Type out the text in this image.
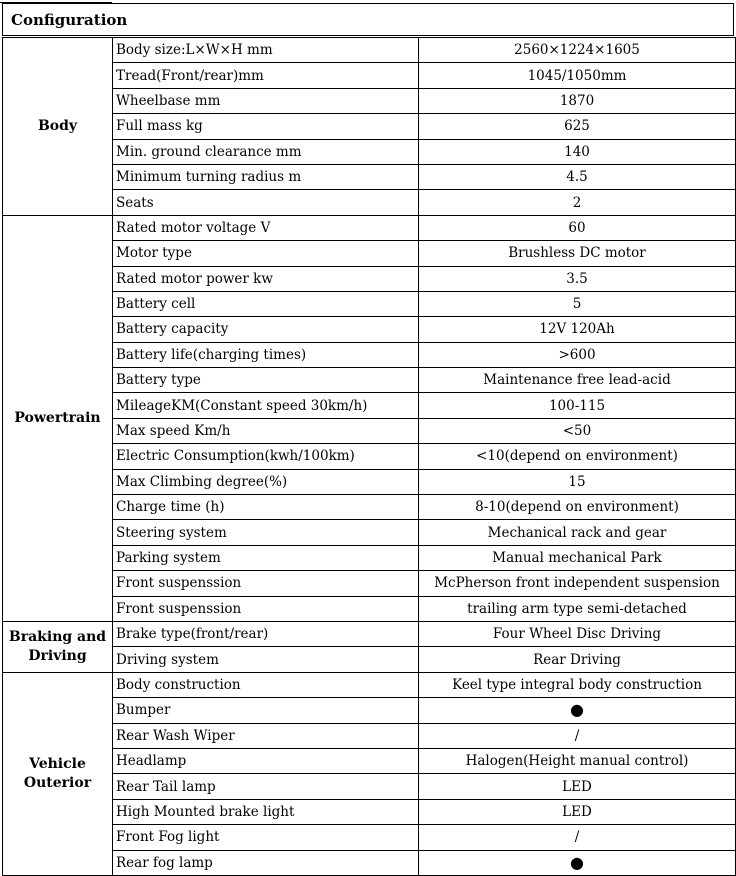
Configuration
Body	Body size:L×W×H mm	2560×1224×1605
	Tread(Front/rear)mm	1045/1050mm
	Wheelbase mm	1870
	Full mass kg	625
	Min. ground clearance mm	140
	Minimum turning radius m	4.5
	Seats	2
Powertrain	Rated motor voltage V	60
	Motor type	Brushless DC motor
	Rated motor power kw	3.5
	Battery cell	5
	Battery capacity	12V 120Ah
	Battery life(charging times)	>600
	Battery type	Maintenance free lead-acid
	MileageKM(Constant speed 30km/h)	100-115
	Max speed Km/h	<50
	Electric Consumption(kwh/100km)	<10(depend on environment)
	Max Climbing degree(%)	15
	Charge time (h)	8-10(depend on environment)
	Steering system	Mechanical rack and gear
	Parking system	Manual mechanical Park
	Front suspenssion	McPherson front independent suspension
	Front suspenssion	trailing arm type semi-detached
Braking and Driving	Brake type(front/rear)	Four Wheel Disc Driving
	Driving system	Rear Driving
Vehicle Outerior	Body construction	Keel type integral body construction
	Bumper	●
	Rear Wash Wiper	/
	Headlamp	Halogen(Height manual control)
	Rear Tail lamp	LED
	High Mounted brake light	LED
	Front Fog light	/
	Rear fog lamp	●
